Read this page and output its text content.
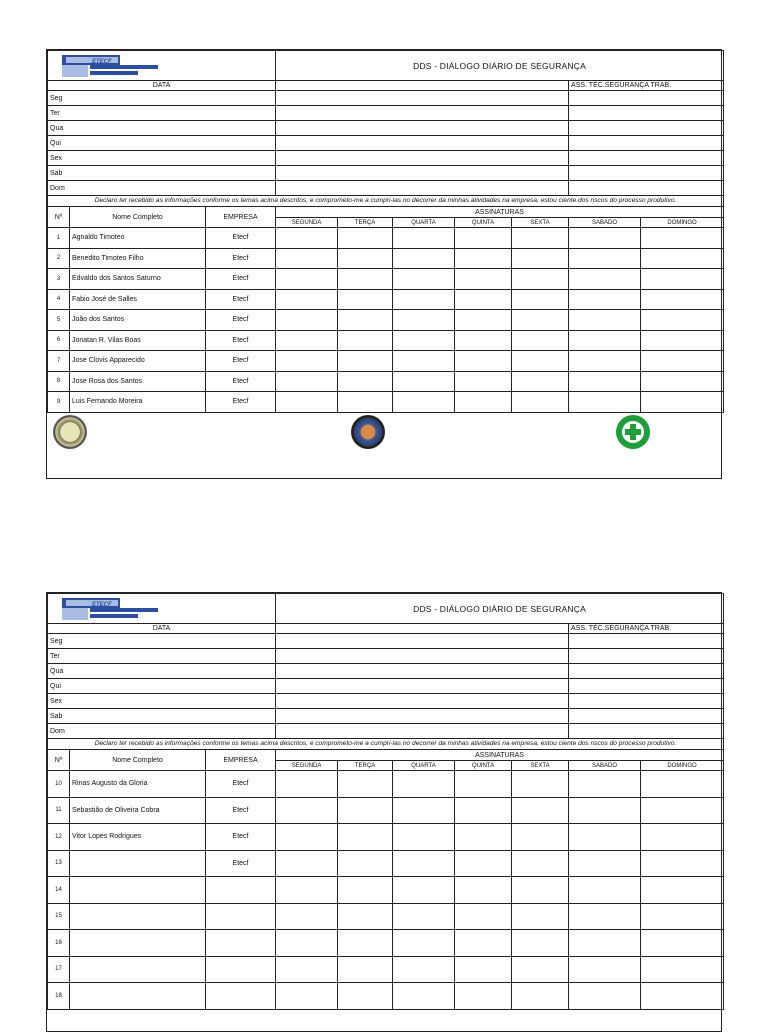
ETECF			DDS - DIÁLOGO DIÁRIO DE SEGURANÇA						
DATA								ASS. TÉC.SEGURANÇA TRAB.	
Seg									
Ter									
Qua									
Qui									
Sex									
Sab									
Dom									
Declaro ter recebido as informações conforme os temas acima descritos, e comprometo-me a cumpri-las no decorrer da minhas atividades na empresa, estou ciente dos riscos do processo produtivo.									
Nº	Nome Completo	EMPRESA	ASSINATURAS						
			SEGUNDA	TERÇA	QUARTA	QUINTA	SEXTA	SABADO	DOMINGO
1	Agnaldo Timoteo	Etecf							
2	Benedito Timoteo Filho	Etecf							
3	Edvaldo dos Santos Saturno	Etecf							
4	Fabio José de Salles	Etecf							
5	João dos Santos	Etecf							
6	Jonatan R. Vilas Boas	Etecf							
7	Jose Clovis Apparecido	Etecf							
8	Jose Rosa dos Santos	Etecf							
9	Luis Fernando Moreira	Etecf							

ETECF			DDS - DIÁLOGO DIÁRIO DE SEGURANÇA						
DATA								ASS. TÉC.SEGURANÇA TRAB.	
Seg									
Ter									
Qua									
Qui									
Sex									
Sab									
Dom									
Declaro ter recebido as informações conforme os temas acima descritos, e comprometo-me a cumpri-las no decorrer da minhas atividades na empresa, estou ciente dos riscos do processo produtivo.									
Nº	Nome Completo	EMPRESA	ASSINATURAS						
			SEGUNDA	TERÇA	QUARTA	QUINTA	SEXTA	SABADO	DOMINGO
10	Rinas Augusto da Gloria	Etecf							
11	Sebastião de Oliveira Cobra	Etecf							
12	Vitor Lopes Rodrigues	Etecf							
13		Etecf							
14									
15									
16									
17									
18									
